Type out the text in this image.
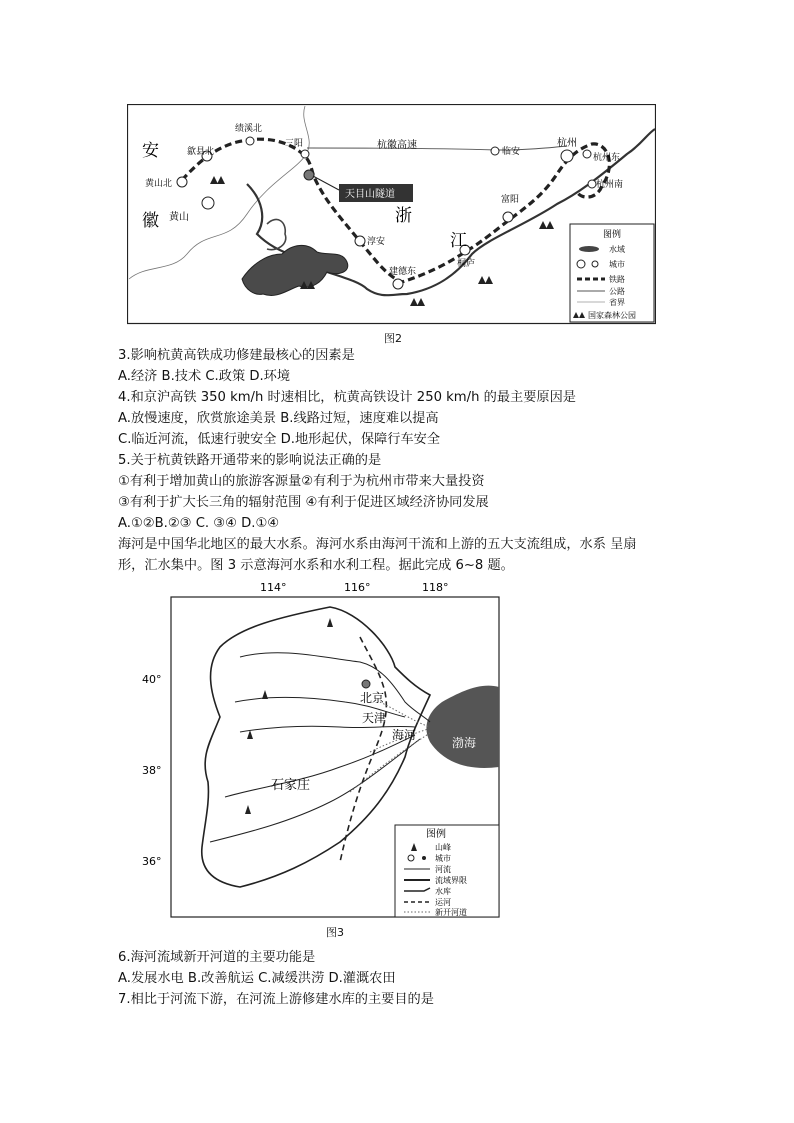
安
徽	浙
江
绩溪北
歙县北
三阳
黄山北
黄山
杭徽高速
临安
杭州
杭州东
杭州南
天目山隧道	富阳
淳安
桐庐
建德东
图例
水域
城市
铁路
公路
省界
国家森林公园
图2
3.影响杭黄高铁成功修建最核心的因素是
A.经济 B.技术 C.政策 D.环境
4.和京沪高铁 350 km/h 时速相比，杭黄高铁设计 250 km/h 的最主要原因是
A.放慢速度，欣赏旅途美景 B.线路过短，速度难以提高
C.临近河流，低速行驶安全 D.地形起伏，保障行车安全
5.关于杭黄铁路开通带来的影响说法正确的是
①有利于增加黄山的旅游客源量②有利于为杭州市带来大量投资
③有利于扩大长三角的辐射范围 ④有利于促进区域经济协同发展
A.①②B.②③ C. ③④ D.①④
海河是中国华北地区的最大水系。海河水系由海河干流和上游的五大支流组成，水系 呈扇
形，汇水集中。图 3 示意海河水系和水利工程。据此完成 6~8 题。
114°	116°	118°
40°
38°
36°
渤海
北京
天津
海河
石家庄
图例
山峰
城市
河流
流域界限
水库
运河
新开河道
图3
6.海河流域新开河道的主要功能是
A.发展水电 B.改善航运 C.减缓洪涝 D.灌溉农田
7.相比于河流下游，在河流上游修建水库的主要目的是
